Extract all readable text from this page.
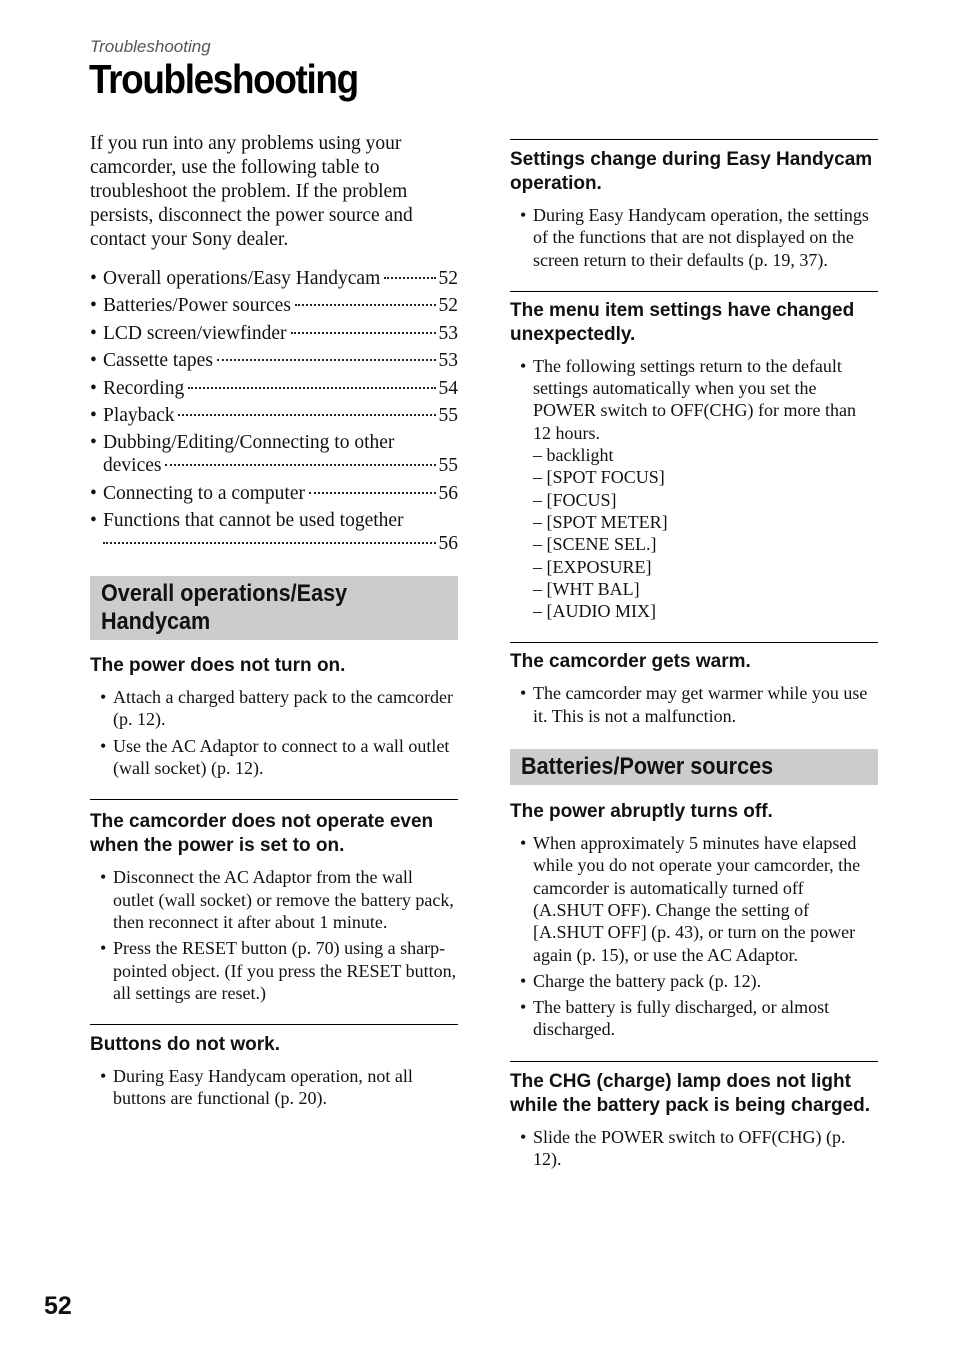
Troubleshooting
Troubleshooting

If you run into any problems using your camcorder, use the following table to troubleshoot the problem. If the problem persists, disconnect the power source and contact your Sony dealer.

• Overall operations/Easy Handycam	52
• Batteries/Power sources	52
• LCD screen/viewfinder	53
• Cassette tapes	53
• Recording	54
• Playback	55
• Dubbing/Editing/Connecting to other
devices	55
• Connecting to a computer	56
• Functions that cannot be used together
56
Overall operations/Easy
Handycam
The power does not turn on.
• Attach a charged battery pack to the camcorder (p. 12).
• Use the AC Adaptor to connect to a wall outlet (wall socket) (p. 12).
The camcorder does not operate even when the power is set to on.
• Disconnect the AC Adaptor from the wall outlet (wall socket) or remove the battery pack, then reconnect it after about 1 minute.
• Press the RESET button (p. 70) using a sharp-pointed object. (If you press the RESET button, all settings are reset.)
Buttons do not work.
• During Easy Handycam operation, not all buttons are functional (p. 20).
Settings change during Easy Handycam operation.
• During Easy Handycam operation, the settings of the functions that are not displayed on the screen return to their defaults (p. 19, 37).
The menu item settings have changed unexpectedly.
• The following settings return to the default settings automatically when you set the POWER switch to OFF(CHG) for more than 12 hours.
– backlight
– [SPOT FOCUS]
– [FOCUS]
– [SPOT METER]
– [SCENE SEL.]
– [EXPOSURE]
– [WHT BAL]
– [AUDIO MIX]
The camcorder gets warm.
• The camcorder may get warmer while you use it. This is not a malfunction.
Batteries/Power sources
The power abruptly turns off.
• When approximately 5 minutes have elapsed while you do not operate your camcorder, the camcorder is automatically turned off (A.SHUT OFF). Change the setting of [A.SHUT OFF] (p. 43), or turn on the power again (p. 15), or use the AC Adaptor.
• Charge the battery pack (p. 12).
• The battery is fully discharged, or almost discharged.
The CHG (charge) lamp does not light while the battery pack is being charged.
• Slide the POWER switch to OFF(CHG) (p. 12).
52
